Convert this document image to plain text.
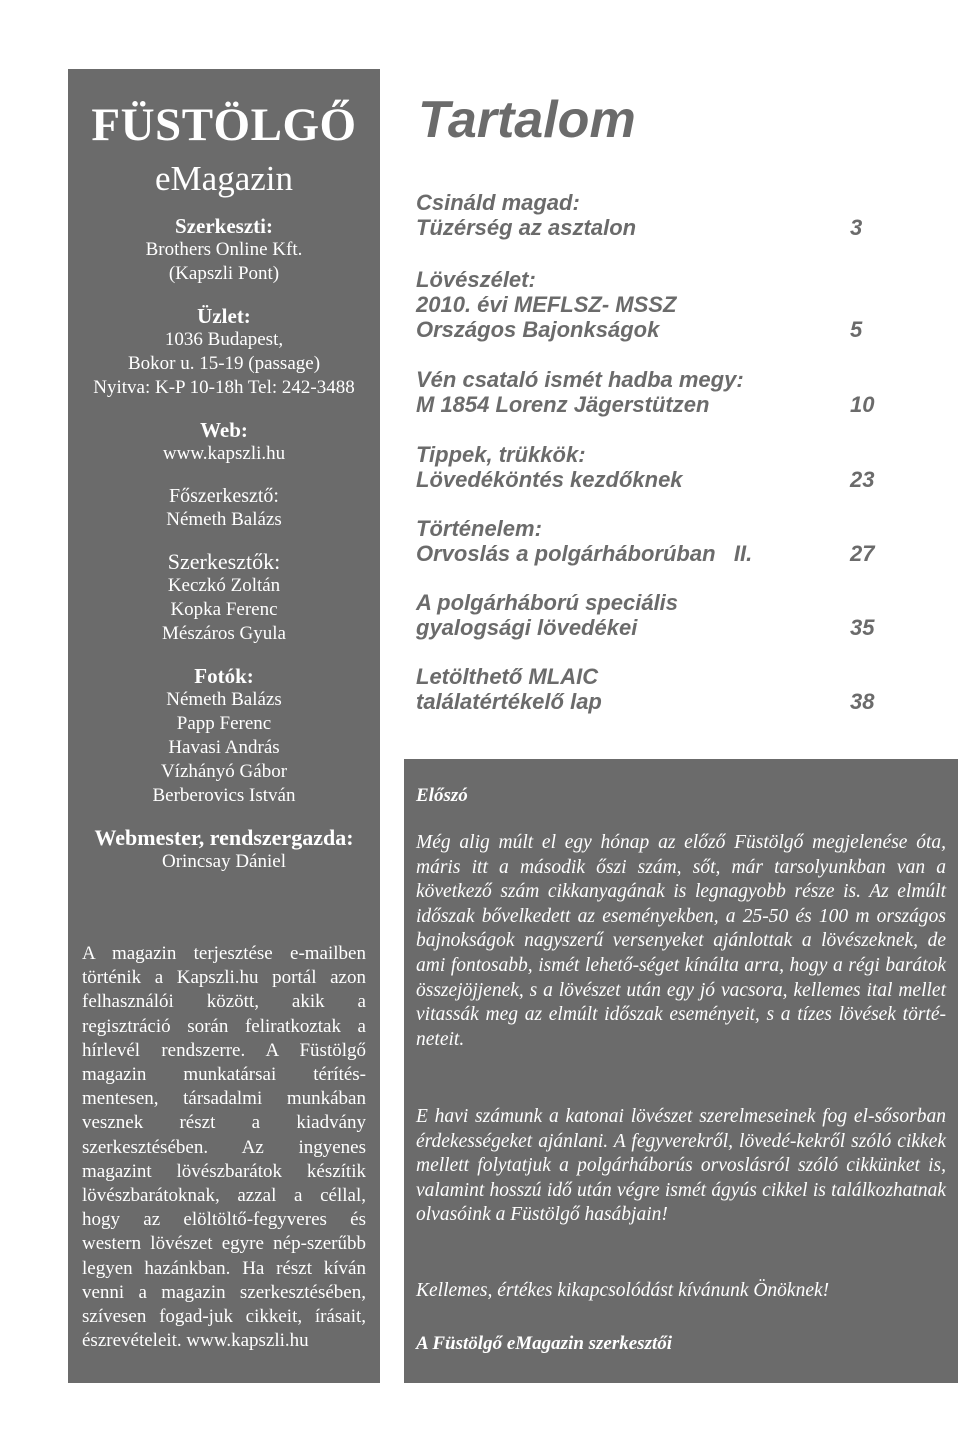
FÜSTÖLGŐ
eMagazin
Szerkeszti:
Brothers Online Kft.
(Kapszli Pont)
Üzlet:
1036 Budapest,
Bokor u. 15-19 (passage)
Nyitva: K-P 10-18h Tel: 242-3488
Web:
www.kapszli.hu
Főszerkesztő:
Németh Balázs
Szerkesztők:
Keczkó Zoltán
Kopka Ferenc
Mészáros Gyula
Fotók:
Németh Balázs
Papp Ferenc
Havasi András
Vízhányó Gábor
Berberovics István
Webmester, rendszergazda:
Orincsay Dániel
A magazin terjesztése e-mailben történik a Kapszli.hu portál azon felhasználói között, akik a regisztráció során feliratkoztak a hírlevél rendszerre. A Füstölgő magazin munkatársai térítés-mentesen, társadalmi munkában vesznek részt a kiadvány szerkesztésében. Az ingyenes magazint lövészbarátok készítik lövészbarátoknak, azzal a céllal, hogy az elöltöltő-fegyveres és western lövészet egyre nép-szerűbb legyen hazánkban. Ha részt kíván venni a magazin szerkesztésében, szívesen fogad-juk cikkeit, írásait, észrevételeit. www.kapszli.hu
Tartalom
Csináld magad:
Tüzérség az asztalon	3
Lövészélet:
2010. évi MEFLSZ- MSSZ
Országos Bajonkságok	5
Vén csataló ismét hadba megy:
M 1854 Lorenz Jägerstützen	10
Tippek, trükkök:
Lövedéköntés kezdőknek	23
Történelem:
Orvoslás a polgárháborúban   II.	27
A polgárháború speciális
gyalogsági lövedékei	35
Letölthető MLAIC
találatértékelő lap	38
Előszó
Még alig múlt el egy hónap az előző Füstölgő megjelenése óta, máris itt a második őszi szám, sőt, már tarsolyunkban van a következő szám cikkanyagának is legnagyobb része is. Az elmúlt időszak bővelkedett az eseményekben, a 25-50 és 100 m országos bajnokságok nagyszerű versenyeket ajánlottak a lövészeknek, de ami fontosabb, ismét lehető-séget kínálta arra, hogy a régi barátok összejöjjenek, s a lövészet után egy jó vacsora, kellemes ital mellet vitassák meg az elmúlt időszak eseményeit, s a tízes lövések törté-neteit.
E havi számunk a katonai lövészet szerelmeseinek fog el-sősorban érdekességeket ajánlani. A fegyverekről, lövedé-kekről szóló cikkek mellett folytatjuk a polgárháborús orvoslásról szóló cikkünket is, valamint hosszú idő után végre ismét ágyús cikkel is találkozhatnak olvasóink a Füstölgő hasábjain!
Kellemes, értékes kikapcsolódást kívánunk Önöknek!
A Füstölgő eMagazin szerkesztői
